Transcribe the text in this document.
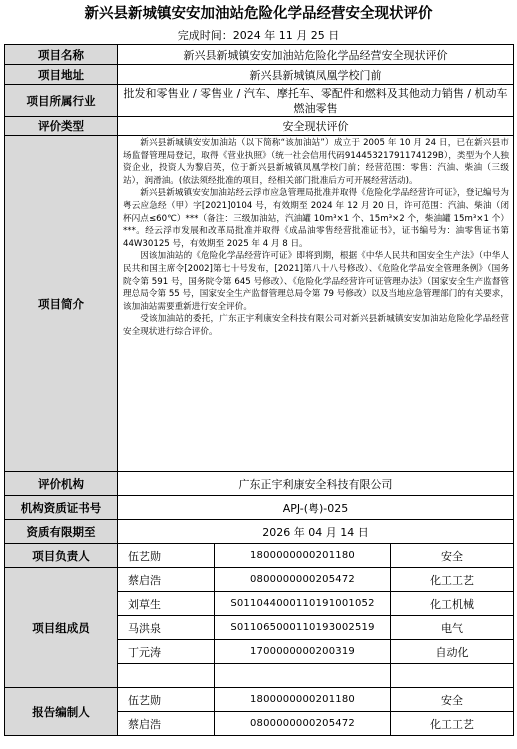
新兴县新城镇安安加油站危险化学品经营安全现状评价
完成时间：2024 年 11 月 25 日
项目名称	新兴县新城镇安安加油站危险化学品经营安全现状评价		
项目地址	新兴县新城镇凤凰学校门前		
项目所属行业	批发和零售业 / 零售业 / 汽车、摩托车、零配件和燃料及其他动力销售 / 机动车燃油零售		
评价类型	安全现状评价		
项目简介	新兴县新城镇安安加油站（以下简称“该加油站”）成立于 2005 年 10 月 24 日，已在新兴县市场监督管理局登记，取得《营业执照》（统一社会信用代码91445321791174129B），类型为个人独资企业，投资人为黎启英，位于新兴县新城镇凤凰学校门前；经营范围：零售：汽油、柴油（三级站），润滑油。(依法须经批准的项目，经相关部门批准后方可开展经营活动)。

新兴县新城镇安安加油站经云浮市应急管理局批准并取得《危险化学品经营许可证》，登记编号为粤云应急经（甲）字[2021]0104 号，有效期至 2024 年 12 月 20 日，许可范围：汽油、柴油（闭杯闪点≤60℃）***（备注：三级加油站，汽油罐 10m³×1 个、15m³×2 个，柴油罐 15m³×1 个）***。经云浮市发展和改革局批准并取得《成品油零售经营批准证书》，证书编号为：油零售证书第 44W30125 号，有效期至 2025 年 4 月 8 日。

因该加油站的《危险化学品经营许可证》即将到期，根据《中华人民共和国安全生产法》（中华人民共和国主席令[2002]第七十号发布，[2021]第八十八号修改）、《危险化学品安全管理条例》（国务院令第 591 号，国务院令第 645 号修改）、《危险化学品经营许可证管理办法》（国家安全生产监督管理总局令第 55 号，国家安全生产监督管理总局令第 79 号修改）以及当地应急管理部门的有关要求，该加油站需要重新进行安全评价。

受该加油站的委托，广东正宇利康安全科技有限公司对新兴县新城镇安安加油站危险化学品经营安全现状进行综合评价。		

评价机构	广东正宇利康安全科技有限公司		
机构资质证书号	APJ-(粤)-025		
资质有限期至	2026 年 04 月 14 日		
项目负责人	伍艺勋	1800000000201180	安全
项目组成员	蔡启浩	0800000000205472	化工工艺
	刘草生	S011044000110191001052	化工机械
	马洪泉	S011065000110193002519	电气
	丁元涛	1700000000200319	自动化

报告编制人	伍艺勋	1800000000201180	安全
	蔡启浩	0800000000205472	化工工艺
